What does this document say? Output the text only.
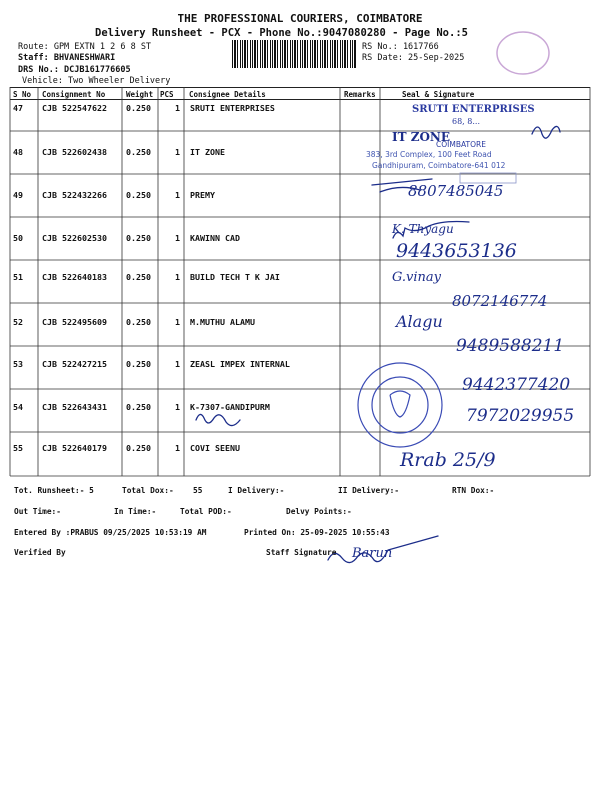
THE PROFESSIONAL COURIERS, COIMBATORE
Delivery Runsheet - PCX - Phone No.:9047080280 - Page No.:5
Route: GPM EXTN 1 2 6 8 ST
Staff: BHVANESHWARI
DRS No.: DCJB161776605
Vehicle: Two Wheeler Delivery
RS No.: 1617766
RS Date: 25-Sep-2025
S No Consignment No	Weight PCS Consignee Details	Remarks	Seal & Signature
47 CJB 522547622 0.250	1 SRUTI ENTERPRISES
48 CJB 522602438 0.250	1 IT ZONE
49 CJB 522432266 0.250	1 PREMY
50 CJB 522602530 0.250	1 KAWINN CAD
51 CJB 522640183 0.250	1 BUILD TECH T K JAI
52 CJB 522495609 0.250	1 M.MUTHU ALAMU
53 CJB 522427215 0.250	1 ZEASL IMPEX INTERNAL
54 CJB 522643431 0.250	1 K-7307-GANDIPURM
55 CJB 522640179 0.250	1 COVI SEENU
SRUTI ENTERPRISES
68, 8...
IT ZONE
COIMBATORE
383, 3rd Complex, 100 Feet Road
Gandhipuram, Coimbatore-641 012
8807485045
K. Thyagu
9443653136
G.vinay
8072146774
Alagu
9489588211
9442377420
7972029955
Rrab 25/9
Barun
Tot. Runsheet:- 5	Total Dox:- 55	I Delivery:-	II Delivery:-	RTN Dox:-
Out Time:-	In Time:-	Total POD:-	Delvy Points:-
Entered By :PRABUS 09/25/2025 10:53:19 AM	Printed On: 25-09-2025 10:55:43
Verified By	Staff Signature
